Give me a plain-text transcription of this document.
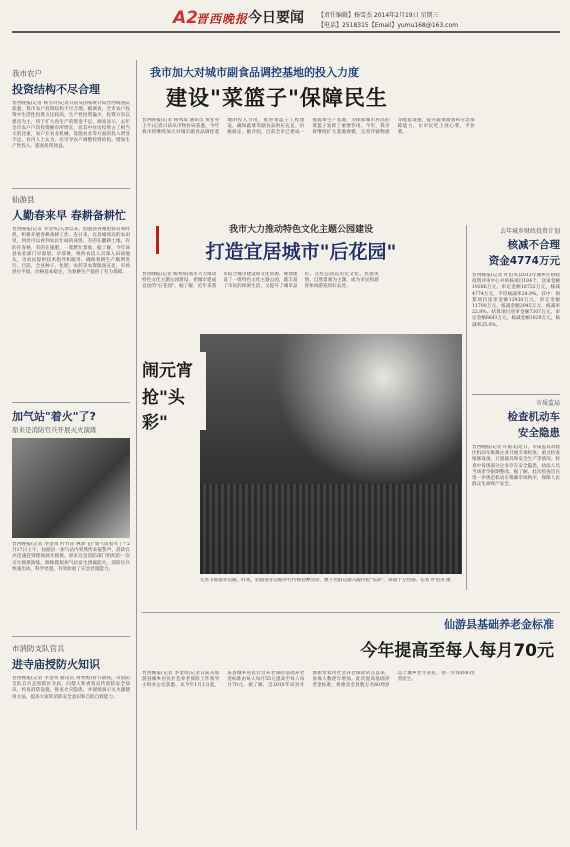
A2
晋西晚报 今日要闻 【责任编辑】杨雪杰 2014年2月19日 星期三
【电话】2518315【Email】yumu168@163.com
我市农户
投资结构不尽合理
晋西晚报(记者 杨雪玲)记者日前从国家统计局晋西调查队获悉，我市农户投资结构不尽合理。据调查，全市农户投资中生活性投资占比较高，生产性投资偏少，投资方向以建房为主，用于扩大再生产的资金不足。调查显示，去年全市农户户均投资额有所增长，但其中住房投资占了相当大的比重，农户在农业机械、设施农业等方面的投入明显不足。业内人士认为，应引导农户调整投资结构，增加生产性投入，提高投资效益。
仙游县
人勤春来早 春耕备耕忙
晋西晚报(记者 李金凤)入春以来，仙游县各地抢抓有利时机，积极开展春耕备耕工作。连日来，在县城周边的农田里，到处可以看到农民忙碌的身影，有的在翻耕土地，有的在育秧，有的在施肥，一派繁忙景象。据了解，今年该县农业部门早谋划、早部署，组织农技人员深入田间地头，为农民提供技术指导和服务，确保春耕生产顺利进行。目前，全县种子、化肥、农药等农资储备充足，市场供应平稳，价格基本稳定，为春耕生产提供了有力保障。
加气站"着火"了?
原来是消防官兵开展灭火演练
晋西晚报(记者 李金凤 叶竹萍 林梦飞)"加气站着火了!"2月17日上午，仙游县一加气站内突然传来报警声，消防官兵迅速赶到现场展开救援。原来这是消防部门组织的一次灭火救援演练。演练模拟加气站发生泄漏起火，消防官兵快速出动、科学处置，有效检验了应急处置能力。
市消防支队官兵
进寺庙授防火知识
晋西晚报(记者 李金凤 通讯员 黄秀梅)春节期间，市消防支队官兵走进辖区寺庙，向僧人和香客宣传消防安全知识，检查消防设施，排查火灾隐患，并现场演示灭火器使用方法，提高大家的消防安全意识和自防自救能力。
我市加大对城市副食品调控基地的投入力度
建设"菜篮子"保障民生
晋西晚报(记者 杨秀琼 通讯员 黄亚英 王宇)记者日前从市物价局获悉，今年我市将继续加大对城市副食品调控基地的投入力度，推进菜篮子工程建设，确保蔬菜等副食品供应充足、价格稳定。据介绍，目前全市已建成一批蔬菜生产基地，为保障城市居民的菜篮子发挥了重要作用。今年，我市将继续扩大基地规模，完善冷链物流等配套设施，提升蔬菜储备和应急保障能力，让市民吃上放心菜、平价菜。
我市大力推动特色文化主题公园建设
打造宜居城市"后花园"
晋西晚报(记者 杨秀琼)我市大力推动特色文化主题公园建设，把城市建成宜居的"后花园"。据了解，近年来我市结合城市建设和文化资源，规划建设了一批特色文化主题公园，既丰富了市民的休闲生活，又提升了城市品位。这些公园以历史文化、民俗风情、自然景观为主题，成为市民和游客休闲游览的好去处。
去年城乡财政投资计划
核减不合理
资金4774万元
晋西晚报(记者 叶伯英)2013年城乡区财政投资评审中心共审核项目184个，送审金额19286万元，审定金额18732万元，核减4774万元，平均核减率24.9%。其中：预算项目送审金额12930万元，审定金额11700万元，核减金额2945万元，核减率22.8%。结算项目送审金额7307万元，审定金额6643万元，核减金额1829万元，核减率25.0%。
市质监局
检查机动车
安全隐患
晋西晚报(记者 许振美)近日，市质监局对辖区机动车维修企业开展专项检查，重点检查维修设备、计量器具和安全生产等情况。检查中发现部分企业存在安全隐患，执法人员当场责令限期整改。据了解，此次检查旨在进一步规范机动车维修市场秩序，保障人民群众生命财产安全。
闹元宵
抢"头彩"
元宵节仙游赤岳殿。昨夜，仙游县赤岳殿举行传统迎神活动，数千名群众涌入殿内抢"头彩"，场面十分热闹。记者 叶伯英 摄
仙游县基础养老金标准
今年提高至每人每月70元
晋西晚报(记者 李金凤)记者日前从仙游县城乡居民社会养老保险工作领导小组办公室获悉，从今年1月1日起，该县城乡居民社会养老保险基础养老金标准由每人每月55元提高至每人每月70元。据了解，自2010年该县开展新型农村社会养老保险试点以来，参保人数逐年增加。此次提高基础养老金标准，将惠及全县数万名60周岁以上城乡老年居民，进一步保障和改善民生。
